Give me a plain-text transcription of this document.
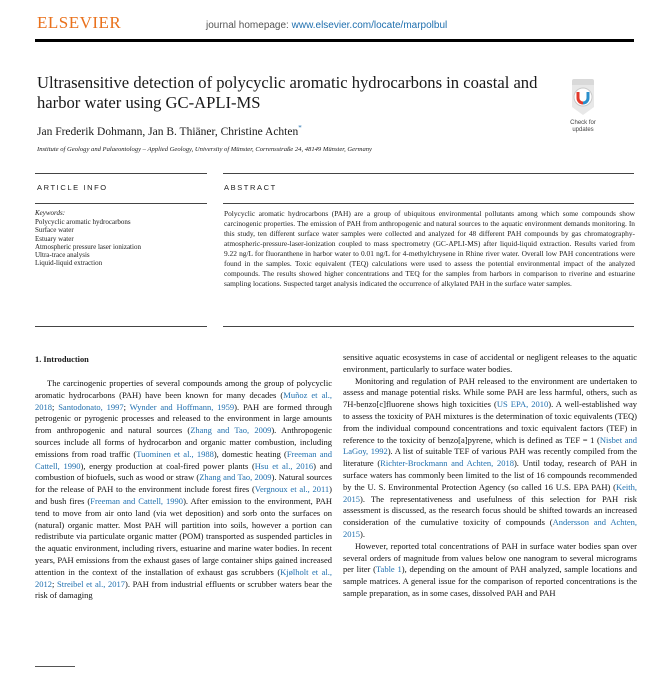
ELSEVIER	journal homepage: www.elsevier.com/locate/marpolbul
Ultrasensitive detection of polycyclic aromatic hydrocarbons in coastal and harbor water using GC-APLI-MS
Check for updates
Jan Frederik Dohmann, Jan B. Thiäner, Christine Achten*
Institute of Geology and Palaeontology – Applied Geology, University of Münster, Corrensstraße 24, 48149 Münster, Germany
ARTICLE INFO	ABSTRACT
Keywords:
Polycyclic aromatic hydrocarbons
Surface water
Estuary water
Atmospheric pressure laser ionization
Ultra-trace analysis
Liquid-liquid extraction

Polycyclic aromatic hydrocarbons (PAH) are a group of ubiquitous environmental pollutants among which some compounds show carcinogenic properties. The emission of PAH from anthropogenic and natural sources to the aquatic environment demands monitoring. In this study, ten different surface water samples were collected and analyzed for 48 different PAH compounds by gas chromatography-atmospheric-pressure-laser-ionization coupled to mass spectrometry (GC-APLI-MS) after liquid-liquid extraction. Results varied from 9.22 ng/L for fluoranthene in harbor water to 0.01 ng/L for 4-methylchrysene in Rhine river water. Overall low PAH concentrations were found in the samples. Toxic equivalent (TEQ) calculations were used to assess the potential environmental impact of the analyzed compounds. The results showed higher concentrations and TEQ for the samples from harbors in comparison to riverine and estuarine sampling locations. Suspected target analysis indicated the occurrence of alkylated PAH in the surface water samples.

1. Introduction

The carcinogenic properties of several compounds among the group of polycyclic aromatic hydrocarbons (PAH) have been known for many decades (Muñoz et al., 2018; Santodonato, 1997; Wynder and Hoffmann, 1959). PAH are formed through petrogenic or pyrogenic processes and released to the environment in large amounts from anthropogenic and natural sources (Zhang and Tao, 2009). Anthropogenic sources include all forms of hydrocarbon and organic matter combustion, including emissions from road traffic (Tuominen et al., 1988), domestic heating (Freeman and Cattell, 1990), energy production at coal-fired power plants (Hsu et al., 2016) and combustion of biofuels, such as wood or straw (Zhang and Tao, 2009). Natural sources for the release of PAH to the environment include forest fires (Vergnoux et al., 2011) and bush fires (Freeman and Cattell, 1990). After emission to the environment, PAH tend to move from air onto land (via wet deposition) and sorb onto the surfaces on (natural) organic matter. Most PAH will partition into soils, however a portion can redistribute via particulate organic matter (POM) transported as suspended particles in the aquatic environment, including rivers, estuarine and marine water bodies. In recent years, PAH emissions from the exhaust gases of large container ships gained increased attention in the context of the installation of exhaust gas scrubbers (Kjølholt et al., 2012; Streibel et al., 2017). PAH from industrial effluents or scrubber waters bear the risk of damaging

sensitive aquatic ecosystems in case of accidental or negligent releases to the aquatic environment, particularly to surface water bodies.

Monitoring and regulation of PAH released to the environment are undertaken to assess and manage potential risks. While some PAH are less harmful, others, such as 7H-benzo[c]fluorene shows high toxicities (US EPA, 2010). A well-established way to assess the toxicity of PAH mixtures is the determination of toxic equivalents (TEQ) from the individual compound concentrations and toxic equivalent factors (TEF) in reference to the toxicity of benzo[a]pyrene, which is defined as TEF = 1 (Nisbet and LaGoy, 1992). A list of suitable TEF of various PAH was recently compiled from the literature (Richter-Brockmann and Achten, 2018). Until today, research of PAH in surface waters has commonly been limited to the list of 16 compounds recommended by the U. S. Environmental Protection Agency (so called 16 U.S. EPA PAH) (Keith, 2015). The representativeness and usefulness of this selection for PAH risk assessment is discussed, as the research focus should be shifted towards an increased consideration of the cumulative toxicity of compounds (Andersson and Achten, 2015).

However, reported total concentrations of PAH in surface water bodies span over several orders of magnitude from values below one nanogram to several micrograms per liter (Table 1), depending on the amount of PAH analyzed, sample locations and sample matrices. A general issue for the comparison of reported concentrations is the sample preparation, as in some cases, dissolved PAH and PAH
